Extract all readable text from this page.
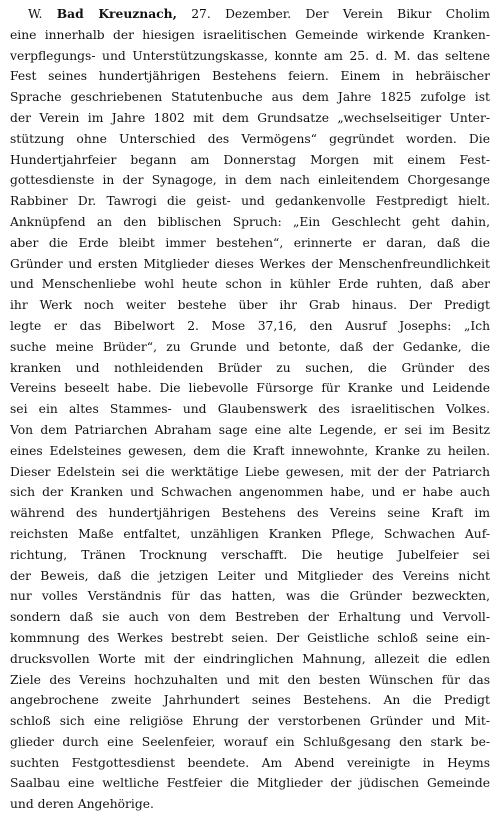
W. Bad Kreuznach, 27. Dezember. Der Verein Bikur Cholim
eine innerhalb der hiesigen israelitischen Gemeinde wirkende Kranken-
verpflegungs- und Unterstützungskasse, konnte am 25. d. M. das seltene
Fest seines hundertjährigen Bestehens feiern. Einem in hebräischer
Sprache geschriebenen Statutenbuche aus dem Jahre 1825 zufolge ist
der Verein im Jahre 1802 mit dem Grundsatze „wechselseitiger Unter-
stützung ohne Unterschied des Vermögens“ gegründet worden. Die
Hundertjahrfeier begann am Donnerstag Morgen mit einem Fest-
gottesdienste in der Synagoge, in dem nach einleitendem Chorgesange
Rabbiner Dr. Tawrogi die geist- und gedankenvolle Festpredigt hielt.
Anknüpfend an den biblischen Spruch: „Ein Geschlecht geht dahin,
aber die Erde bleibt immer bestehen“, erinnerte er daran, daß die
Gründer und ersten Mitglieder dieses Werkes der Menschenfreundlichkeit
und Menschenliebe wohl heute schon in kühler Erde ruhten, daß aber
ihr Werk noch weiter bestehe über ihr Grab hinaus. Der Predigt
legte er das Bibelwort 2. Mose 37,16, den Ausruf Josephs: „Ich
suche meine Brüder“, zu Grunde und betonte, daß der Gedanke, die
kranken und nothleidenden Brüder zu suchen, die Gründer des
Vereins beseelt habe. Die liebevolle Fürsorge für Kranke und Leidende
sei ein altes Stammes- und Glaubenswerk des israelitischen Volkes.
Von dem Patriarchen Abraham sage eine alte Legende, er sei im Besitz
eines Edelsteines gewesen, dem die Kraft innewohnte, Kranke zu heilen.
Dieser Edelstein sei die werktätige Liebe gewesen, mit der der Patriarch
sich der Kranken und Schwachen angenommen habe, und er habe auch
während des hundertjährigen Bestehens des Vereins seine Kraft im
reichsten Maße entfaltet, unzähligen Kranken Pflege, Schwachen Auf-
richtung, Tränen Trocknung verschafft. Die heutige Jubelfeier sei
der Beweis, daß die jetzigen Leiter und Mitglieder des Vereins nicht
nur volles Verständnis für das hatten, was die Gründer bezweckten,
sondern daß sie auch von dem Bestreben der Erhaltung und Vervoll-
kommnung des Werkes bestrebt seien. Der Geistliche schloß seine ein-
drucksvollen Worte mit der eindringlichen Mahnung, allezeit die edlen
Ziele des Vereins hochzuhalten und mit den besten Wünschen für das
angebrochene zweite Jahrhundert seines Bestehens. An die Predigt
schloß sich eine religiöse Ehrung der verstorbenen Gründer und Mit-
glieder durch eine Seelenfeier, worauf ein Schlußgesang den stark be-
suchten Festgottesdienst beendete. Am Abend vereinigte in Heyms
Saalbau eine weltliche Festfeier die Mitglieder der jüdischen Gemeinde
und deren Angehörige.
